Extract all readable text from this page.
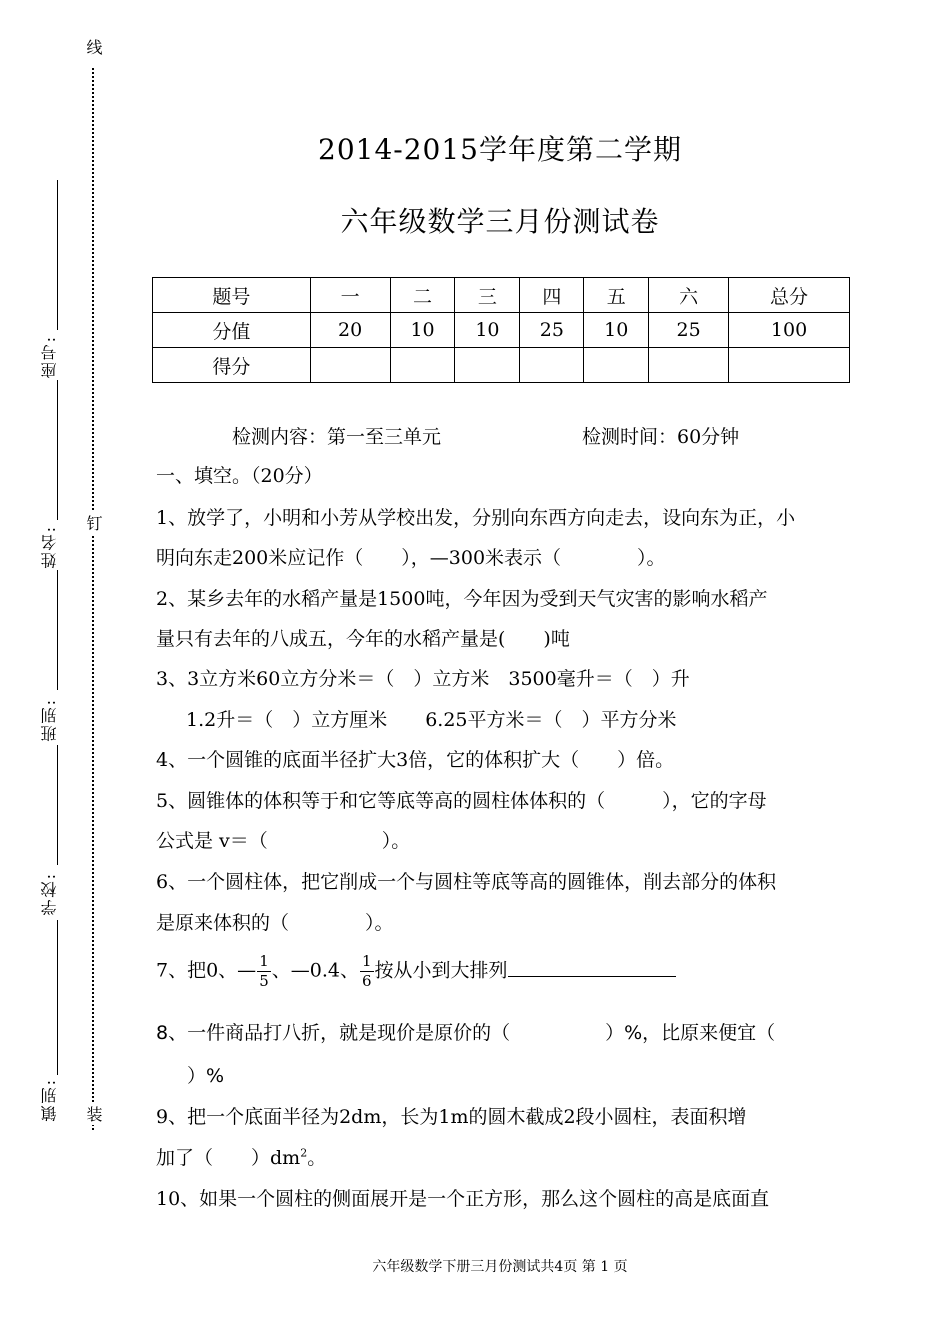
座号:
姓名:
班别:
学校:
镇别:
线
钉
装
2014-2015学年度第二学期
六年级数学三月份测试卷
题号	一	二	三	四	五	六	总分
分值	20	10	10	25	10	25	100
得分							
检测内容：第一至三单元	检测时间：60分钟
一、填空。（20分）
1、放学了，小明和小芳从学校出发，分别向东西方向走去，设向东为正，小
明向东走200米应记作（　　），—300米表示（　　　　）。
2、某乡去年的水稻产量是1500吨，今年因为受到天气灾害的影响水稻产
量只有去年的八成五，今年的水稻产量是(　　)吨
3、3立方米60立方分米＝（　）立方米　3500毫升＝（　）升
1.2升＝（　）立方厘米　　6.25平方米＝（　）平方分米
4、一个圆锥的底面半径扩大3倍，它的体积扩大（　　）倍。
5、圆锥体的体积等于和它等底等高的圆柱体体积的（　　　），它的字母
公式是 v＝（　　　　　　）。
6、一个圆柱体，把它削成一个与圆柱等底等高的圆锥体，削去部分的体积
是原来体积的（　　　　）。
7、把0、— $\frac{1}{5}$ 、—0.4、 $\frac{1}{6}$ 按从小到大排列
8、一件商品打八折，就是现价是原价的（　　　　　）%，比原来便宜（
）%
9、把一个底面半径为2dm，长为1m的圆木截成2段小圆柱，表面积增
加了（　　）$dm^2$。
10、如果一个圆柱的侧面展开是一个正方形，那么这个圆柱的高是底面直
六年级数学下册三月份测试共4页 第 1 页
